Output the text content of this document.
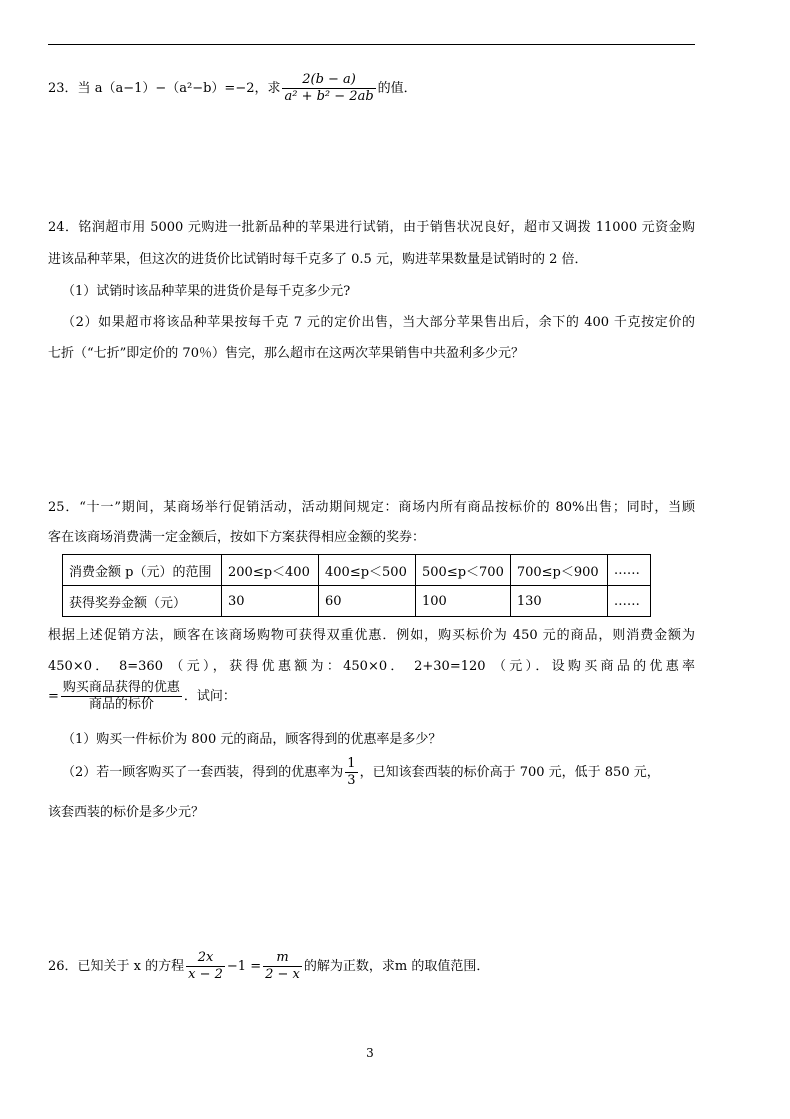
23．当 a（a−1）−（a²−b）=−2，求 $\frac{2(b - a)}{\text{a² + b² − 2ab}}$ 的值．
24．铭润超市用 5000 元购进一批新品种的苹果进行试销，由于销售状况良好，超市又调拨 11000 元资金购
进该品种苹果，但这次的进货价比试销时每千克多了 0.5 元，购进苹果数量是试销时的 2 倍．
（1）试销时该品种苹果的进货价是每千克多少元?
（2）如果超市将该品种苹果按每千克 7 元的定价出售，当大部分苹果售出后，余下的 400 千克按定价的
七折（“七折”即定价的 70％）售完，那么超市在这两次苹果销售中共盈利多少元？
25．“十一”期间，某商场举行促销活动，活动期间规定：商场内所有商品按标价的 80%出售；同时，当顾
客在该商场消费满一定金额后，按如下方案获得相应金额的奖券：
消费金额 p（元）的范围	200≤p＜400	400≤p＜500	500≤p＜700	700≤p＜900	……
获得奖券金额（元）	30	60	100	130	……
根据上述促销方法，顾客在该商场购物可获得双重优惠．例如，购买标价为 450 元的商品，则消费金额为
450×0． 8=360 （元），获得优惠额为：450×0． 2+30=120 （元）．设购买商品的优惠率
= $\frac{\text{购买商品获得的优惠}}{\text{商品的标价}}$ ．试问：
（1）购买一件标价为 800 元的商品，顾客得到的优惠率是多少？
（2）若一顾客购买了一套西装，得到的优惠率为 $\frac{1}{3}$ ，已知该套西装的标价高于 700 元，低于 850 元，
该套西装的标价是多少元？
26．已知关于 x 的方程 $\frac{2x}{x - 2} -1 = \frac{m}{2 - x}$ 的解为正数，求m 的取值范围．
3
